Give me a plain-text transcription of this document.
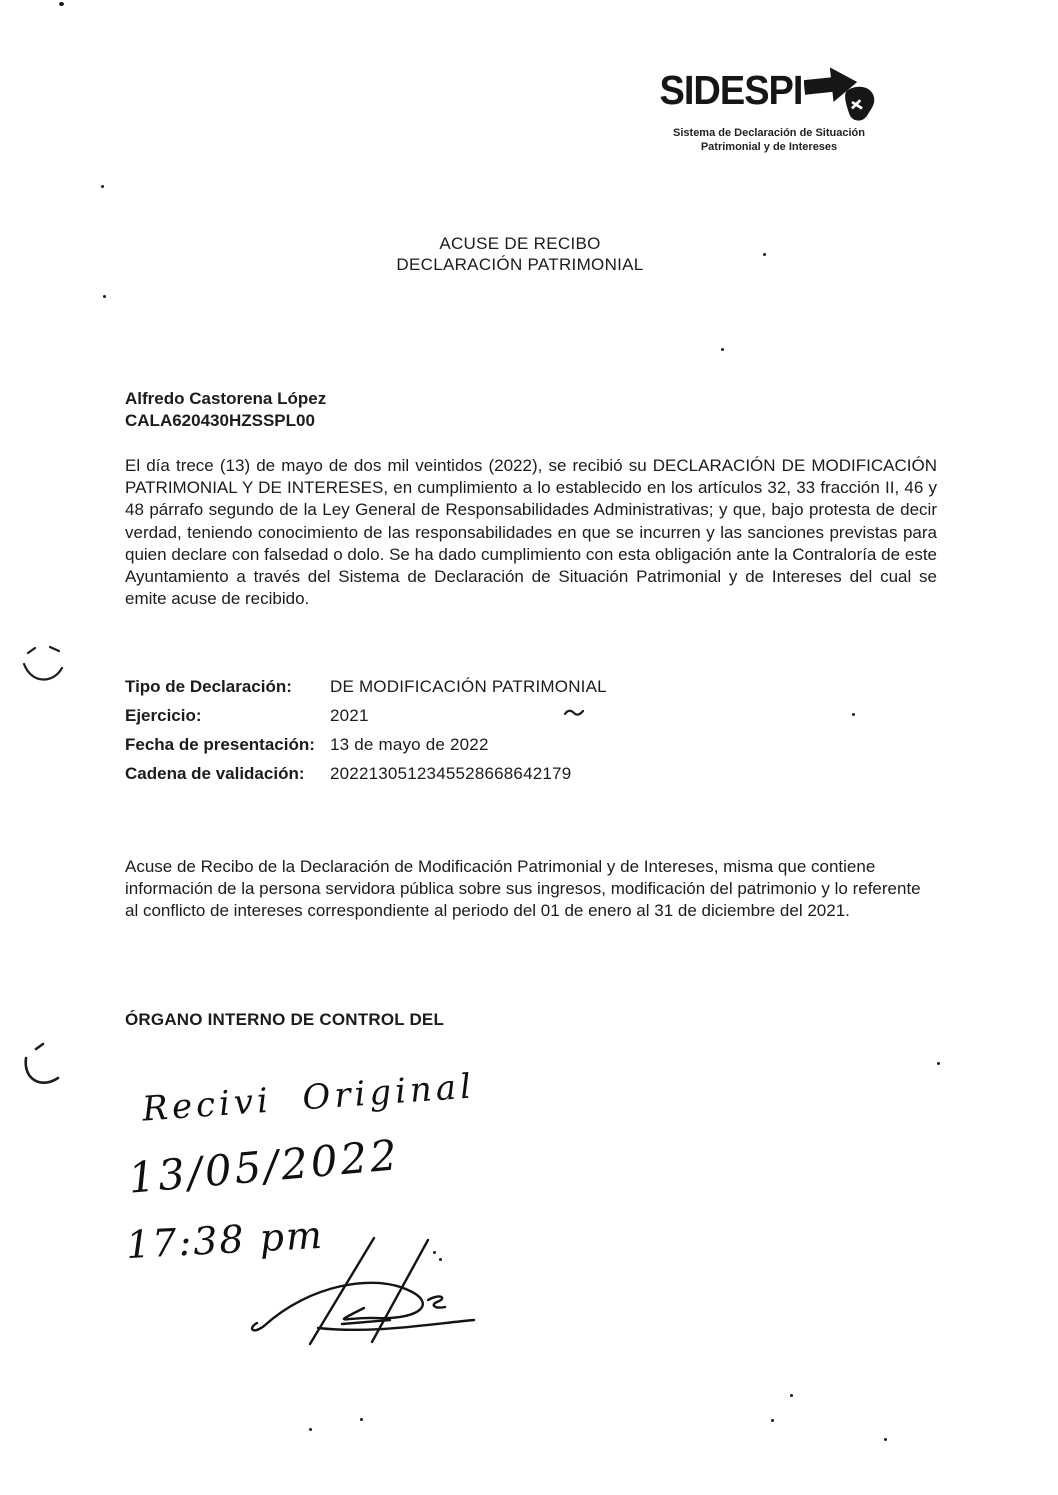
SIDESPI
Sistema de Declaración de Situación
Patrimonial y de Intereses
ACUSE DE RECIBO
DECLARACIÓN PATRIMONIAL
Alfredo Castorena López
CALA620430HZSSPL00
El día trece (13) de mayo de dos mil veintidos (2022), se recibió su DECLARACIÓN DE MODIFICACIÓN PATRIMONIAL Y DE INTERESES, en cumplimiento a lo establecido en los artículos 32, 33 fracción II, 46 y 48 párrafo segundo de la Ley General de Responsabilidades Administrativas; y que, bajo protesta de decir verdad, teniendo conocimiento de las responsabilidades en que se incurren y las sanciones previstas para quien declare con falsedad o dolo. Se ha dado cumplimiento con esta obligación ante la Contraloría de este Ayuntamiento a través del Sistema de Declaración de Situación Patrimonial y de Intereses del cual se emite acuse de recibido.
Tipo de Declaración:	DE MODIFICACIÓN PATRIMONIAL
Ejercicio:	2021
Fecha de presentación: 13 de mayo de 2022
Cadena de validación:	2022130512345528668642179
Acuse de Recibo de la Declaración de Modificación Patrimonial y de Intereses, misma que contiene información de la persona servidora pública sobre sus ingresos, modificación del patrimonio y lo referente al conflicto de intereses correspondiente al periodo del 01 de enero al 31 de diciembre del 2021.
ÓRGANO INTERNO DE CONTROL DEL
Recivi Original
13/05/2022
17:38 pm
